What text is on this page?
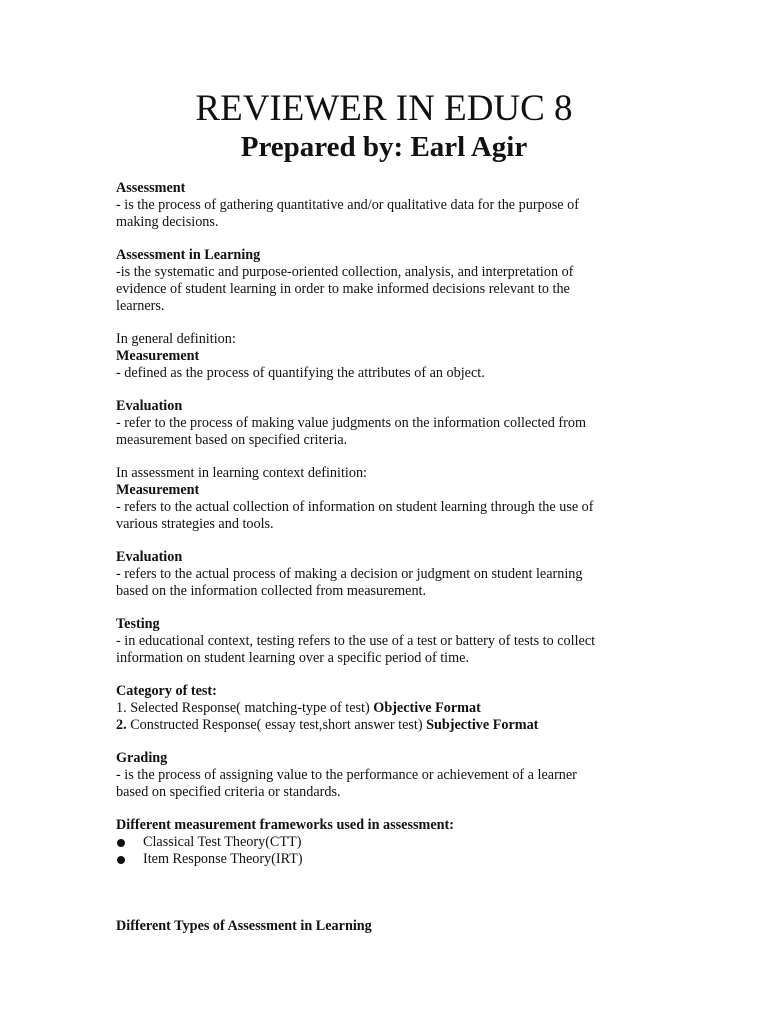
REVIEWER IN EDUC 8
Prepared by: Earl Agir
Assessment
- is the process of gathering quantitative and/or qualitative data for the purpose of
making decisions.
Assessment in Learning
-is the systematic and purpose-oriented collection, analysis, and interpretation of
evidence of student learning in order to make informed decisions relevant to the
learners.
In general definition:
Measurement
- defined as the process of quantifying the attributes of an object.
Evaluation
- refer to the process of making value judgments on the information collected from
measurement based on specified criteria.
In assessment in learning context definition:
Measurement
- refers to the actual collection of information on student learning through the use of
various strategies and tools.
Evaluation
- refers to the actual process of making a decision or judgment on student learning
based on the information collected from measurement.
Testing
- in educational context, testing refers to the use of a test or battery of tests to collect
information on student learning over a specific period of time.
Category of test:
1. Selected Response( matching-type of test) Objective Format
2. Constructed Response( essay test,short answer test) Subjective Format
Grading
- is the process of assigning value to the performance or achievement of a learner
based on specified criteria or standards.
Different measurement frameworks used in assessment:
Classical Test Theory(CTT)
Item Response Theory(IRT)
Different Types of Assessment in Learning
